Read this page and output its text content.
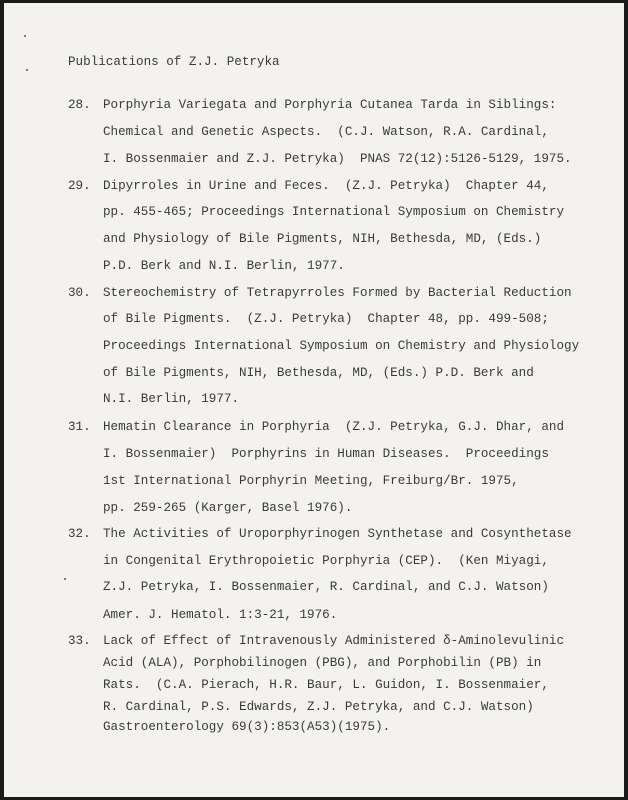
Publications of Z.J. Petryka
28. Porphyria Variegata and Porphyria Cutanea Tarda in Siblings:
Chemical and Genetic Aspects.  (C.J. Watson, R.A. Cardinal,
I. Bossenmaier and Z.J. Petryka)  PNAS 72(12):5126-5129, 1975.
29. Dipyrroles in Urine and Feces.  (Z.J. Petryka)  Chapter 44,
pp. 455-465; Proceedings International Symposium on Chemistry
and Physiology of Bile Pigments, NIH, Bethesda, MD, (Eds.)
P.D. Berk and N.I. Berlin, 1977.
30. Stereochemistry of Tetrapyrroles Formed by Bacterial Reduction
of Bile Pigments.  (Z.J. Petryka)  Chapter 48, pp. 499-508;
Proceedings International Symposium on Chemistry and Physiology
of Bile Pigments, NIH, Bethesda, MD, (Eds.) P.D. Berk and
N.I. Berlin, 1977.
31. Hematin Clearance in Porphyria  (Z.J. Petryka, G.J. Dhar, and
I. Bossenmaier)  Porphyrins in Human Diseases.  Proceedings
1st International Porphyrin Meeting, Freiburg/Br. 1975,
pp. 259-265 (Karger, Basel 1976).
32. The Activities of Uroporphyrinogen Synthetase and Cosynthetase
in Congenital Erythropoietic Porphyria (CEP).  (Ken Miyagi,
Z.J. Petryka, I. Bossenmaier, R. Cardinal, and C.J. Watson)
Amer. J. Hematol. 1:3-21, 1976.
33. Lack of Effect of Intravenously Administered δ-Aminolevulinic
Acid (ALA), Porphobilinogen (PBG), and Porphobilin (PB) in
Rats.  (C.A. Pierach, H.R. Baur, L. Guidon, I. Bossenmaier,
R. Cardinal, P.S. Edwards, Z.J. Petryka, and C.J. Watson)
Gastroenterology 69(3):853(A53)(1975).
